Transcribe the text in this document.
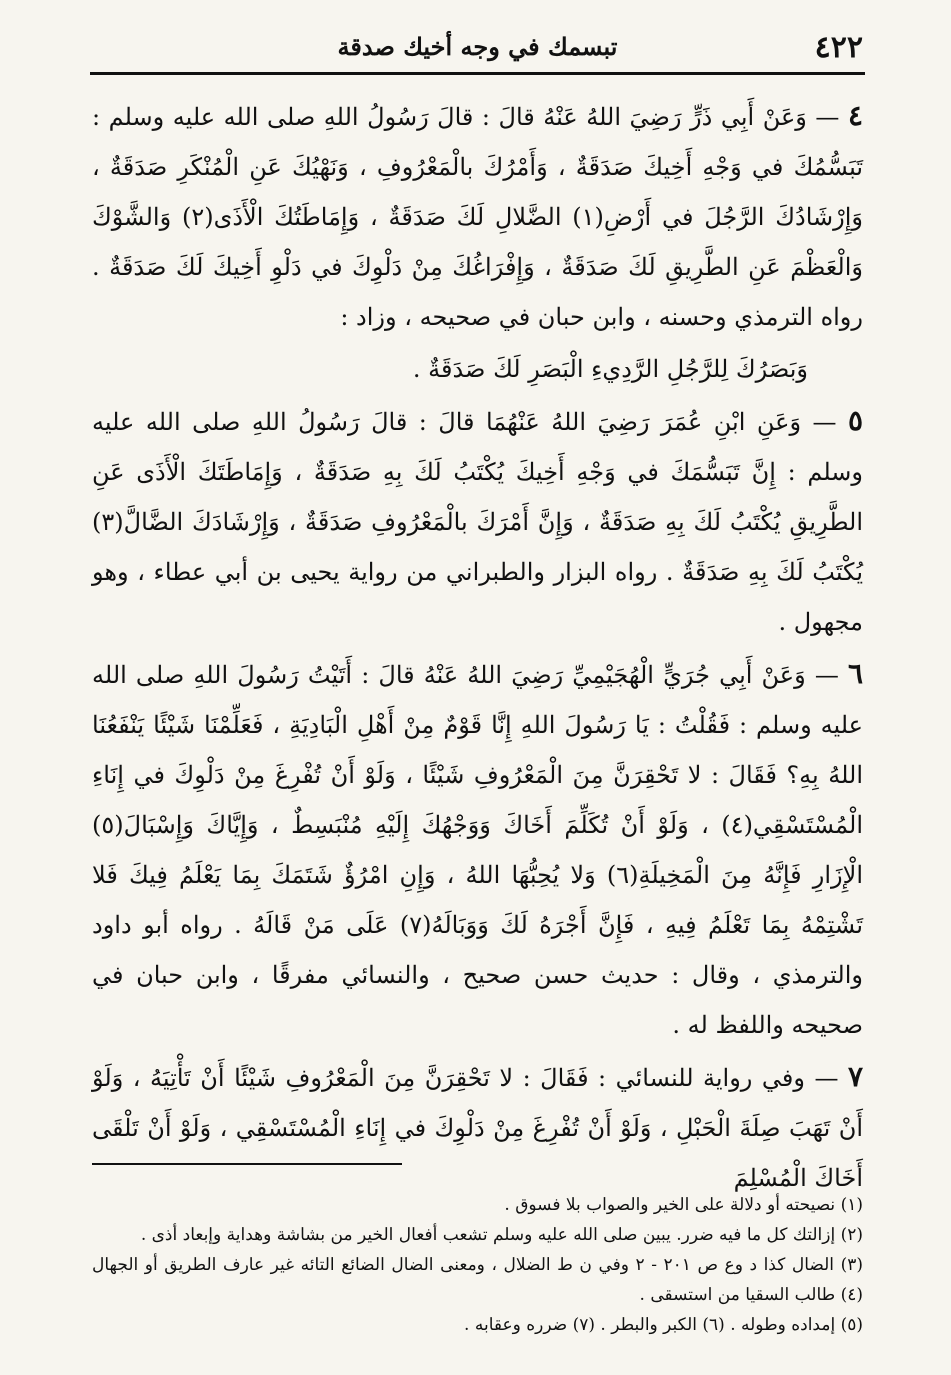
٤٢٢
تبسمك في وجه أخيك صدقة

٤ — وَعَنْ أَبِي ذَرٍّ رَضِيَ اللهُ عَنْهُ قالَ : قالَ رَسُولُ اللهِ صلى الله عليه وسلم : تَبَسُّمُكَ في وَجْهِ أَخِيكَ صَدَقَةٌ ، وَأَمْرُكَ بالْمَعْرُوفِ ، وَنَهْيُكَ عَنِ الْمُنْكَرِ صَدَقَةٌ ، وَإِرْشَادُكَ الرَّجُلَ في أَرْضِ(١) الضَّلالِ لَكَ صَدَقَةٌ ، وَإِمَاطَتُكَ الْأَذَى(٢) وَالشَّوْكَ وَالْعَظْمَ عَنِ الطَّرِيقِ لَكَ صَدَقَةٌ ، وَإِفْرَاغُكَ مِنْ دَلْوِكَ في دَلْوِ أَخِيكَ لَكَ صَدَقَةٌ . رواه الترمذي وحسنه ، وابن حبان في صحيحه ، وزاد :

وَبَصَرُكَ لِلرَّجُلِ الرَّدِيءِ الْبَصَرِ لَكَ صَدَقَةٌ .

٥ — وَعَنِ ابْنِ عُمَرَ رَضِيَ اللهُ عَنْهُمَا قالَ : قالَ رَسُولُ اللهِ صلى الله عليه وسلم : إِنَّ تَبَسُّمَكَ في وَجْهِ أَخِيكَ يُكْتَبُ لَكَ بِهِ صَدَقَةٌ ، وَإِمَاطَتَكَ الْأَذَى عَنِ الطَّرِيقِ يُكْتَبُ لَكَ بِهِ صَدَقَةٌ ، وَإِنَّ أَمْرَكَ بالْمَعْرُوفِ صَدَقَةٌ ، وَإِرْشَادَكَ الضَّالَّ(٣) يُكْتَبُ لَكَ بِهِ صَدَقَةٌ . رواه البزار والطبراني من رواية يحيى بن أبي عطاء ، وهو مجهول .

٦ — وَعَنْ أَبِي جُرَيٍّ الْهُجَيْمِيِّ رَضِيَ اللهُ عَنْهُ قالَ : أَتَيْتُ رَسُولَ اللهِ صلى الله عليه وسلم : فَقُلْتُ : يَا رَسُولَ اللهِ إِنَّا قَوْمٌ مِنْ أَهْلِ الْبَادِيَةِ ، فَعَلِّمْنَا شَيْئًا يَنْفَعُنَا اللهُ بِهِ؟ فَقَالَ : لا تَحْقِرَنَّ مِنَ الْمَعْرُوفِ شَيْئًا ، وَلَوْ أَنْ تُفْرِغَ مِنْ دَلْوِكَ في إِنَاءِ الْمُسْتَسْقِي(٤) ، وَلَوْ أَنْ تُكَلِّمَ أَخَاكَ وَوَجْهُكَ إِلَيْهِ مُنْبَسِطٌ ، وَإِيَّاكَ وَإِسْبَالَ(٥) الْإِزَارِ فَإِنَّهُ مِنَ الْمَخِيلَةِ(٦) وَلا يُحِبُّهَا اللهُ ، وَإِنِ امْرُؤٌ شَتَمَكَ بِمَا يَعْلَمُ فِيكَ فَلا تَشْتِمْهُ بِمَا تَعْلَمُ فِيهِ ، فَإِنَّ أَجْرَهُ لَكَ وَوَبَالَهُ(٧) عَلَى مَنْ قَالَهُ . رواه أبو داود والترمذي ، وقال : حديث حسن صحيح ، والنسائي مفرقًا ، وابن حبان في صحيحه واللفظ له .

٧ — وفي رواية للنسائي : فَقَالَ : لا تَحْقِرَنَّ مِنَ الْمَعْرُوفِ شَيْئًا أَنْ تَأْتِيَهُ ، وَلَوْ أَنْ تَهَبَ صِلَةَ الْحَبْلِ ، وَلَوْ أَنْ تُفْرِغَ مِنْ دَلْوِكَ في إِنَاءِ الْمُسْتَسْقِي ، وَلَوْ أَنْ تَلْقَى أَخَاكَ الْمُسْلِمَ

(١) نصيحته أو دلالة على الخير والصواب بلا فسوق .

(٢) إزالتك كل ما فيه ضرر. يبين صلى الله عليه وسلم تشعب أفعال الخير من بشاشة وهداية وإبعاد أذى .

(٣) الضال كذا د وع ص ٢٠١ - ٢ وفي ن ط الضلال ، ومعنى الضال الضائع التائه غير عارف الطريق أو الجهال (٤) طالب السقيا من استسقى .

(٥) إمداده وطوله . (٦) الكبر والبطر . (٧) ضرره وعقابه .
